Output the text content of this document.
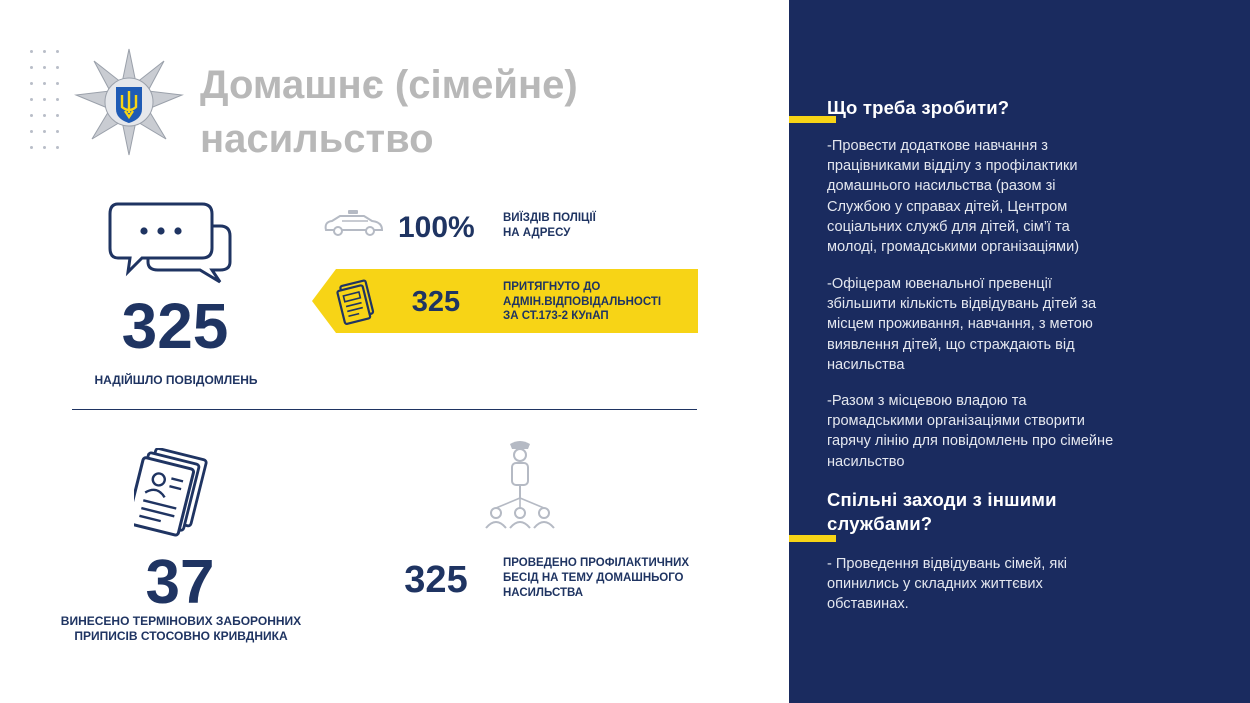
Домашнє (сімейне) насильство
325
НАДІЙШЛО ПОВІДОМЛЕНЬ
100% ВИЇЗДІВ ПОЛІЦІЇ
НА АДРЕСУ
325	ПРИТЯГНУТО ДО
АДМІН.ВІДПОВІДАЛЬНОСТІ
ЗА СТ.173-2 КУпАП
37
ВИНЕСЕНО ТЕРМІНОВИХ ЗАБОРОННИХ
ПРИПИСІВ СТОСОВНО КРИВДНИКА
325	ПРОВЕДЕНО ПРОФІЛАКТИЧНИХ
БЕСІД НА ТЕМУ ДОМАШНЬОГО
НАСИЛЬСТВА
Що треба зробити?
-Провести додаткове навчання з
працівниками відділу з профілактики
домашнього насильства (разом зі
Службою у справах дітей, Центром
соціальних служб для дітей, сім’ї та
молоді, громадськими організаціями)
-Офіцерам ювенальної превенції
збільшити кількість відвідувань дітей за
місцем проживання, навчання, з метою
виявлення дітей, що страждають від
насильства
-Разом з місцевою владою та
громадськими організаціями створити
гарячу лінію для повідомлень про сімейне
насильство
Спільні заходи з іншими
службами?
- Проведення відвідувань сімей, які
опинились у складних життєвих
обставинах.
